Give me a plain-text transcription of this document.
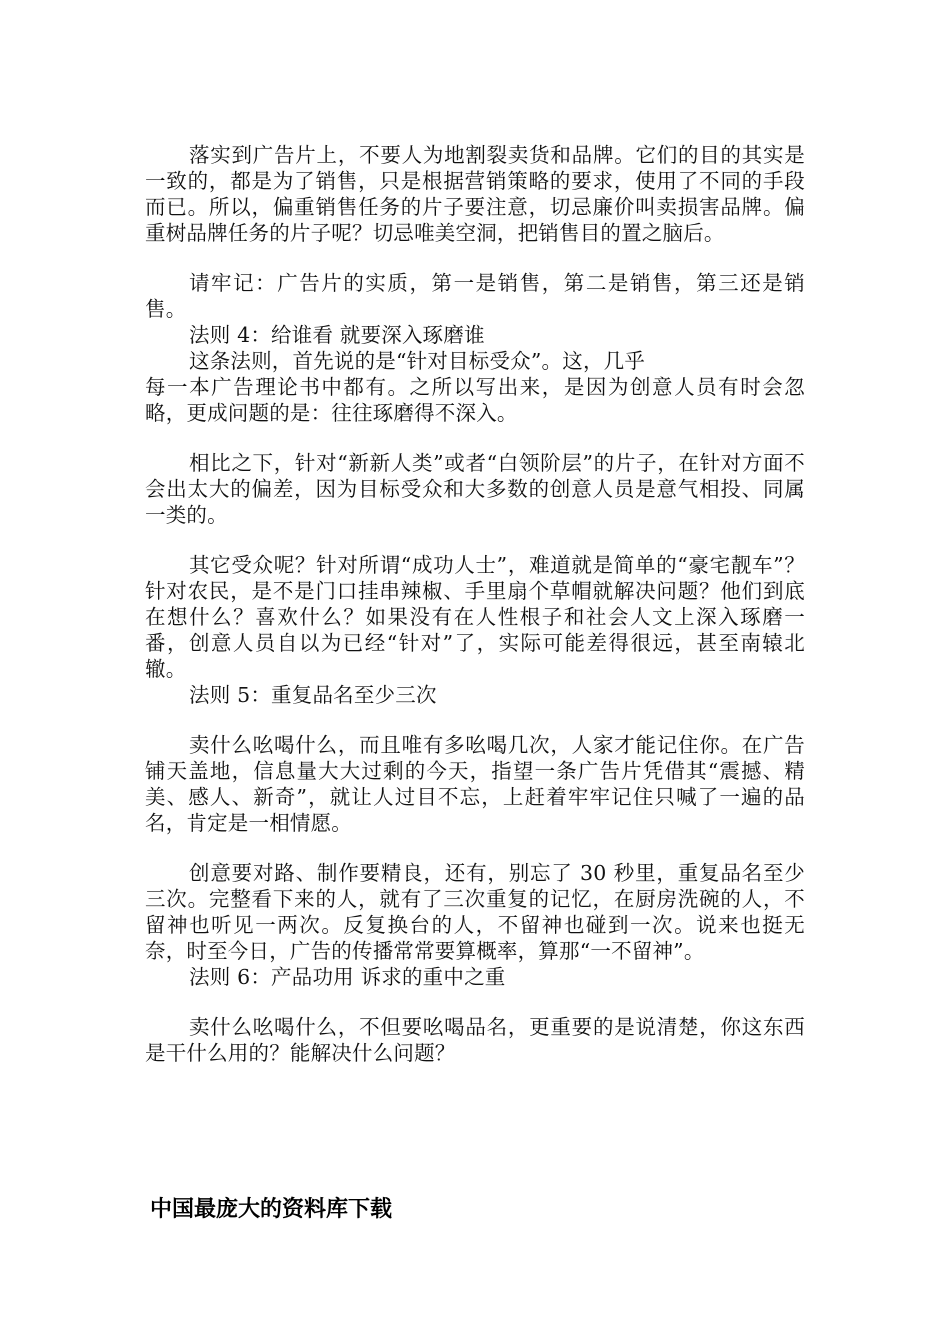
落实到广告片上，不要人为地割裂卖货和品牌。它们的目的其实是一致的，都是为了销售，只是根据营销策略的要求，使用了不同的手段而已。所以，偏重销售任务的片子要注意，切忌廉价叫卖损害品牌。偏重树品牌任务的片子呢？切忌唯美空洞，把销售目的置之脑后。

请牢记：广告片的实质，第一是销售，第二是销售，第三还是销售。

法则 4：给谁看 就要深入琢磨谁

这条法则，首先说的是“针对目标受众”。这，几乎

每一本广告理论书中都有。之所以写出来，是因为创意人员有时会忽略，更成问题的是：往往琢磨得不深入。

相比之下，针对“新新人类”或者“白领阶层”的片子，在针对方面不会出太大的偏差，因为目标受众和大多数的创意人员是意气相投、同属一类的。

其它受众呢？针对所谓“成功人士”，难道就是简单的“豪宅靓车”？针对农民，是不是门口挂串辣椒、手里扇个草帽就解决问题？他们到底在想什么？喜欢什么？如果没有在人性根子和社会人文上深入琢磨一番，创意人员自以为已经“针对”了，实际可能差得很远，甚至南辕北辙。

法则 5：重复品名至少三次

卖什么吆喝什么，而且唯有多吆喝几次，人家才能记住你。在广告铺天盖地，信息量大大过剩的今天，指望一条广告片凭借其“震撼、精美、感人、新奇”，就让人过目不忘，上赶着牢牢记住只喊了一遍的品名，肯定是一相情愿。

创意要对路、制作要精良，还有，别忘了 30 秒里，重复品名至少三次。完整看下来的人，就有了三次重复的记忆，在厨房洗碗的人，不留神也听见一两次。反复换台的人，不留神也碰到一次。说来也挺无奈，时至今日，广告的传播常常要算概率，算那“一不留神”。

法则 6：产品功用 诉求的重中之重

卖什么吆喝什么，不但要吆喝品名，更重要的是说清楚，你这东西是干什么用的？能解决什么问题？

中国最庞大的资料库下载
